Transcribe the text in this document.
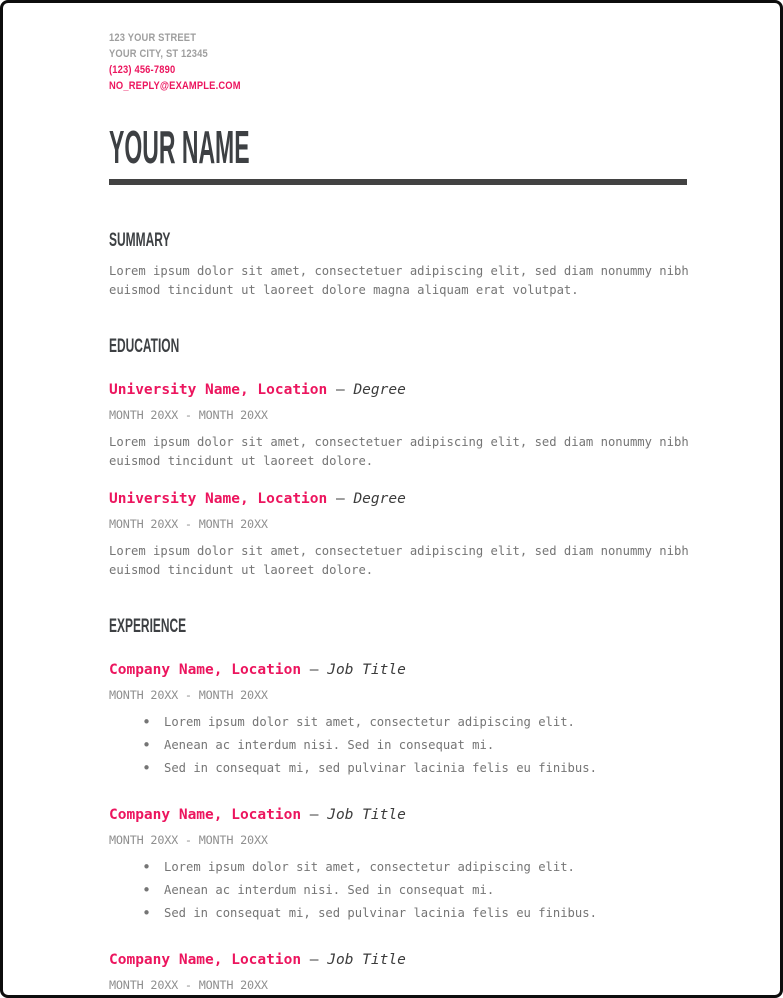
123 YOUR STREET
YOUR CITY, ST 12345
(123) 456-7890
NO_REPLY@EXAMPLE.COM
YOUR NAME
SUMMARY

Lorem ipsum dolor sit amet, consectetuer adipiscing elit, sed diam nonummy nibh euismod tincidunt ut laoreet dolore magna aliquam erat volutpat.

EDUCATION
University Name, Location — Degree
MONTH 20XX - MONTH 20XX

Lorem ipsum dolor sit amet, consectetuer adipiscing elit, sed diam nonummy nibh euismod tincidunt ut laoreet dolore.

University Name, Location — Degree
MONTH 20XX - MONTH 20XX

Lorem ipsum dolor sit amet, consectetuer adipiscing elit, sed diam nonummy nibh euismod tincidunt ut laoreet dolore.

EXPERIENCE
Company Name, Location — Job Title
MONTH 20XX - MONTH 20XX
• Lorem ipsum dolor sit amet, consectetur adipiscing elit.
• Aenean ac interdum nisi. Sed in consequat mi.
• Sed in consequat mi, sed pulvinar lacinia felis eu finibus.
Company Name, Location — Job Title
MONTH 20XX - MONTH 20XX
• Lorem ipsum dolor sit amet, consectetur adipiscing elit.
• Aenean ac interdum nisi. Sed in consequat mi.
• Sed in consequat mi, sed pulvinar lacinia felis eu finibus.
Company Name, Location — Job Title
MONTH 20XX - MONTH 20XX
